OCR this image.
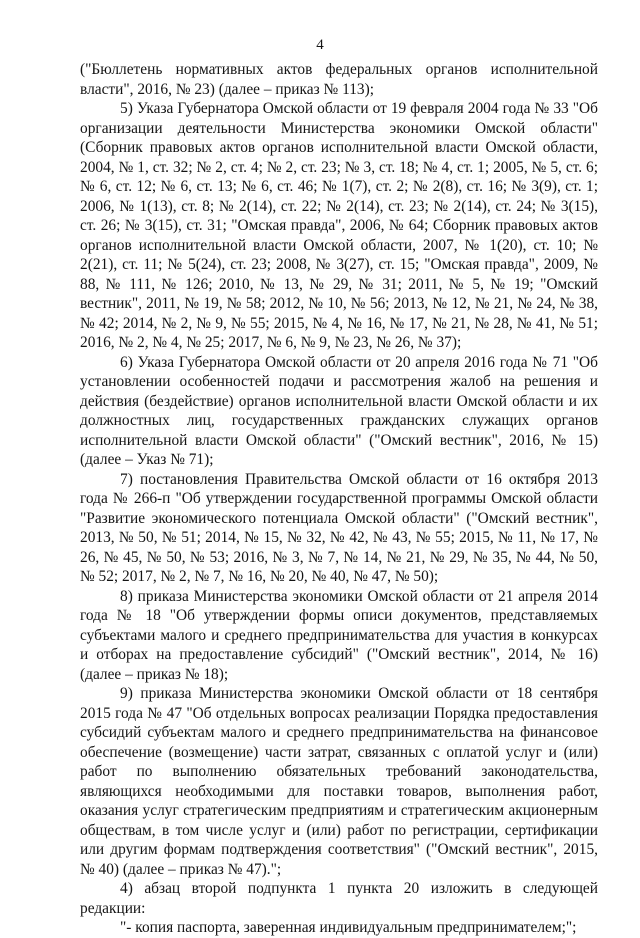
4

("Бюллетень нормативных актов федеральных органов исполнительной власти", 2016, № 23) (далее – приказ № 113);

5) Указа Губернатора Омской области от 19 февраля 2004 года № 33 "Об организации деятельности Министерства экономики Омской области" (Сборник правовых актов органов исполнительной власти Омской области, 2004, № 1, ст. 32; № 2, ст. 4; № 2, ст. 23; № 3, ст. 18; № 4, ст. 1; 2005, № 5, ст. 6; № 6, ст. 12; № 6, ст. 13; № 6, ст. 46; № 1(7), ст. 2; № 2(8), ст. 16; № 3(9), ст. 1; 2006, № 1(13), ст. 8; № 2(14), ст. 22; № 2(14), ст. 23; № 2(14), ст. 24; № 3(15), ст. 26; № 3(15), ст. 31; "Омская правда", 2006, № 64; Сборник правовых актов органов исполнительной власти Омской области, 2007, № 1(20), ст. 10; № 2(21), ст. 11; № 5(24), ст. 23; 2008, № 3(27), ст. 15; "Омская правда", 2009, № 88, № 111, № 126; 2010, № 13, № 29, № 31; 2011, № 5, № 19; "Омский вестник", 2011, № 19, № 58; 2012, № 10, № 56; 2013, № 12, № 21, № 24, № 38, № 42; 2014, № 2, № 9, № 55; 2015, № 4, № 16, № 17, № 21, № 28, № 41, № 51; 2016, № 2, № 4, № 25; 2017, № 6, № 9, № 23, № 26, № 37);

6) Указа Губернатора Омской области от 20 апреля 2016 года № 71 "Об установлении особенностей подачи и рассмотрения жалоб на решения и действия (бездействие) органов исполнительной власти Омской области и их должностных лиц, государственных гражданских служащих органов исполнительной власти Омской области" ("Омский вестник", 2016, № 15) (далее – Указ № 71);

7) постановления Правительства Омской области от 16 октября 2013 года № 266-п "Об утверждении государственной программы Омской области "Развитие экономического потенциала Омской области" ("Омский вестник", 2013, № 50, № 51; 2014, № 15, № 32, № 42, № 43, № 55; 2015, № 11, № 17, № 26, № 45, № 50, № 53; 2016, № 3, № 7, № 14, № 21, № 29, № 35, № 44, № 50, № 52; 2017, № 2, № 7, № 16, № 20, № 40, № 47, № 50);

8) приказа Министерства экономики Омской области от 21 апреля 2014 года № 18 "Об утверждении формы описи документов, представляемых субъектами малого и среднего предпринимательства для участия в конкурсах и отборах на предоставление субсидий" ("Омский вестник", 2014, № 16) (далее – приказ № 18);

9) приказа Министерства экономики Омской области от 18 сентября 2015 года № 47 "Об отдельных вопросах реализации Порядка предоставления субсидий субъектам малого и среднего предпринимательства на финансовое обеспечение (возмещение) части затрат, связанных с оплатой услуг и (или) работ по выполнению обязательных требований законодательства, являющихся необходимыми для поставки товаров, выполнения работ, оказания услуг стратегическим предприятиям и стратегическим акционерным обществам, в том числе услуг и (или) работ по регистрации, сертификации или другим формам подтверждения соответствия" ("Омский вестник", 2015, № 40) (далее – приказ № 47).";

4) абзац второй подпункта 1 пункта 20 изложить в следующей редакции:

"- копия паспорта, заверенная индивидуальным предпринимателем;";
